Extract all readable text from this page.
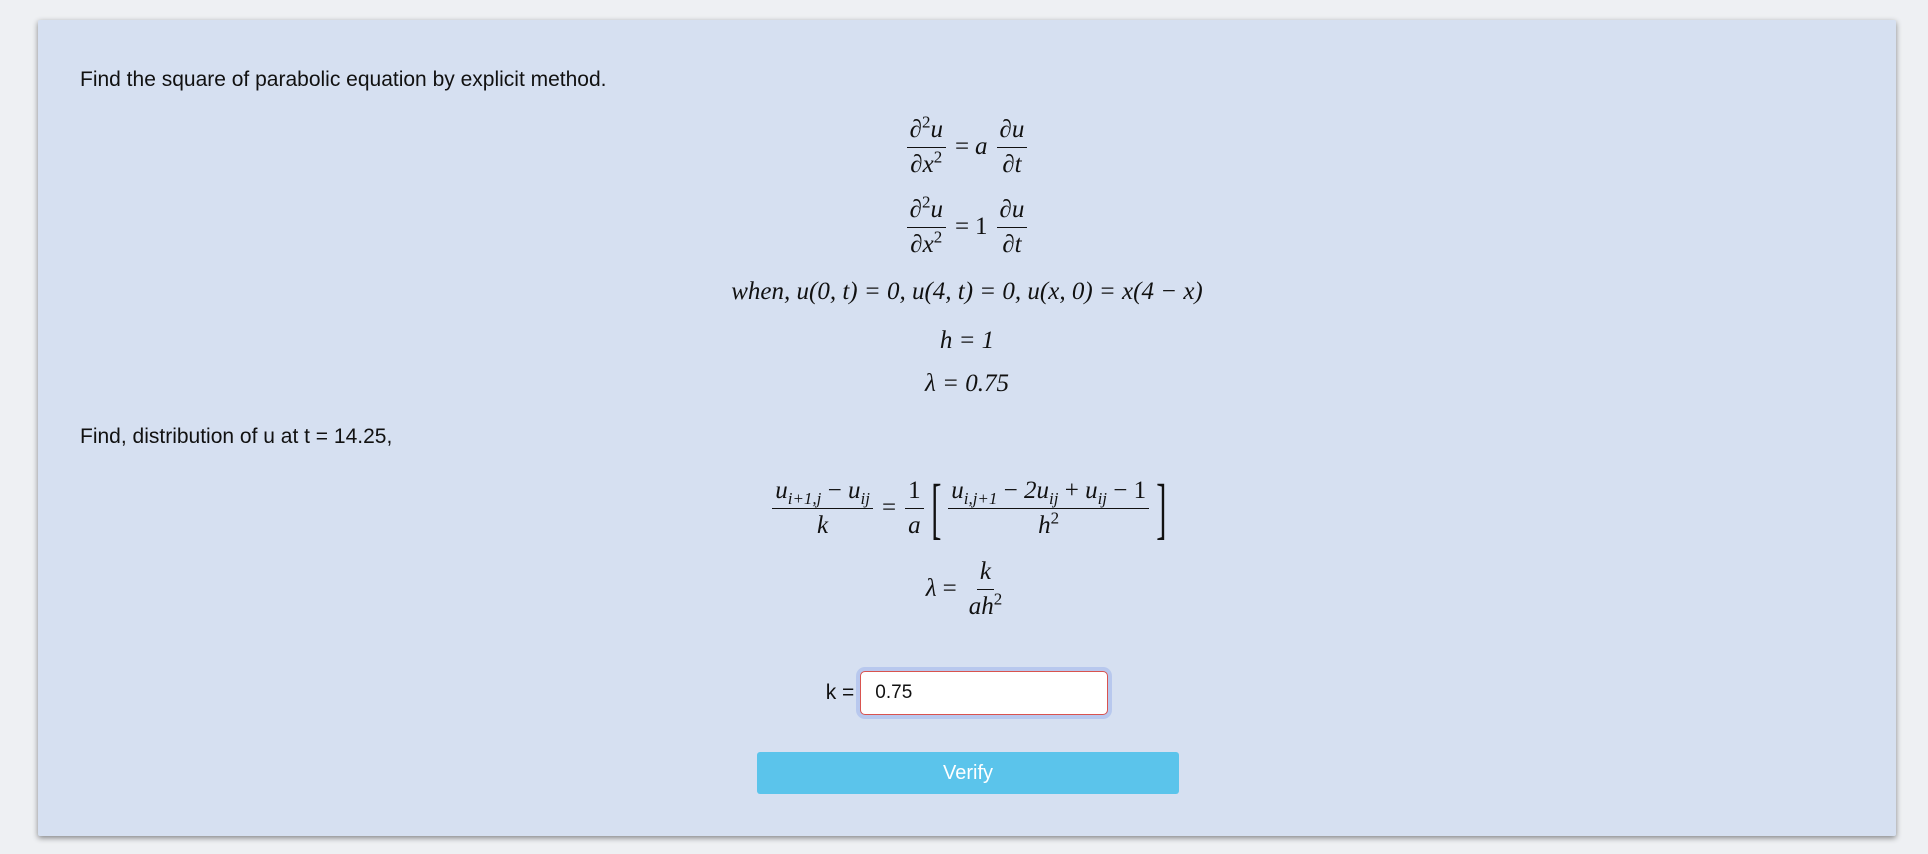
Find the square of parabolic equation by explicit method.

$\frac{\partial^2u}{\partial x^2} = a \frac{\partial u}{\partial t}$
$\frac{\partial^2u}{\partial x^2} = 1 \frac{\partial u}{\partial t}$
when, u(0, t) = 0, u(4, t) = 0, u(x, 0) = x(4 − x)
h = 1
λ = 0.75

Find, distribution of u at t = 14.25,

$\frac{u_{i+1,j} - u_{ij}}{k} = \frac{1}{a}$ [ $\frac{u_{i,j+1} - 2u_{ij} + u_{ij} - 1}{h^2}$ ]
$\lambda = \frac{k}{ah^2}$
k =
0.75
Verify
